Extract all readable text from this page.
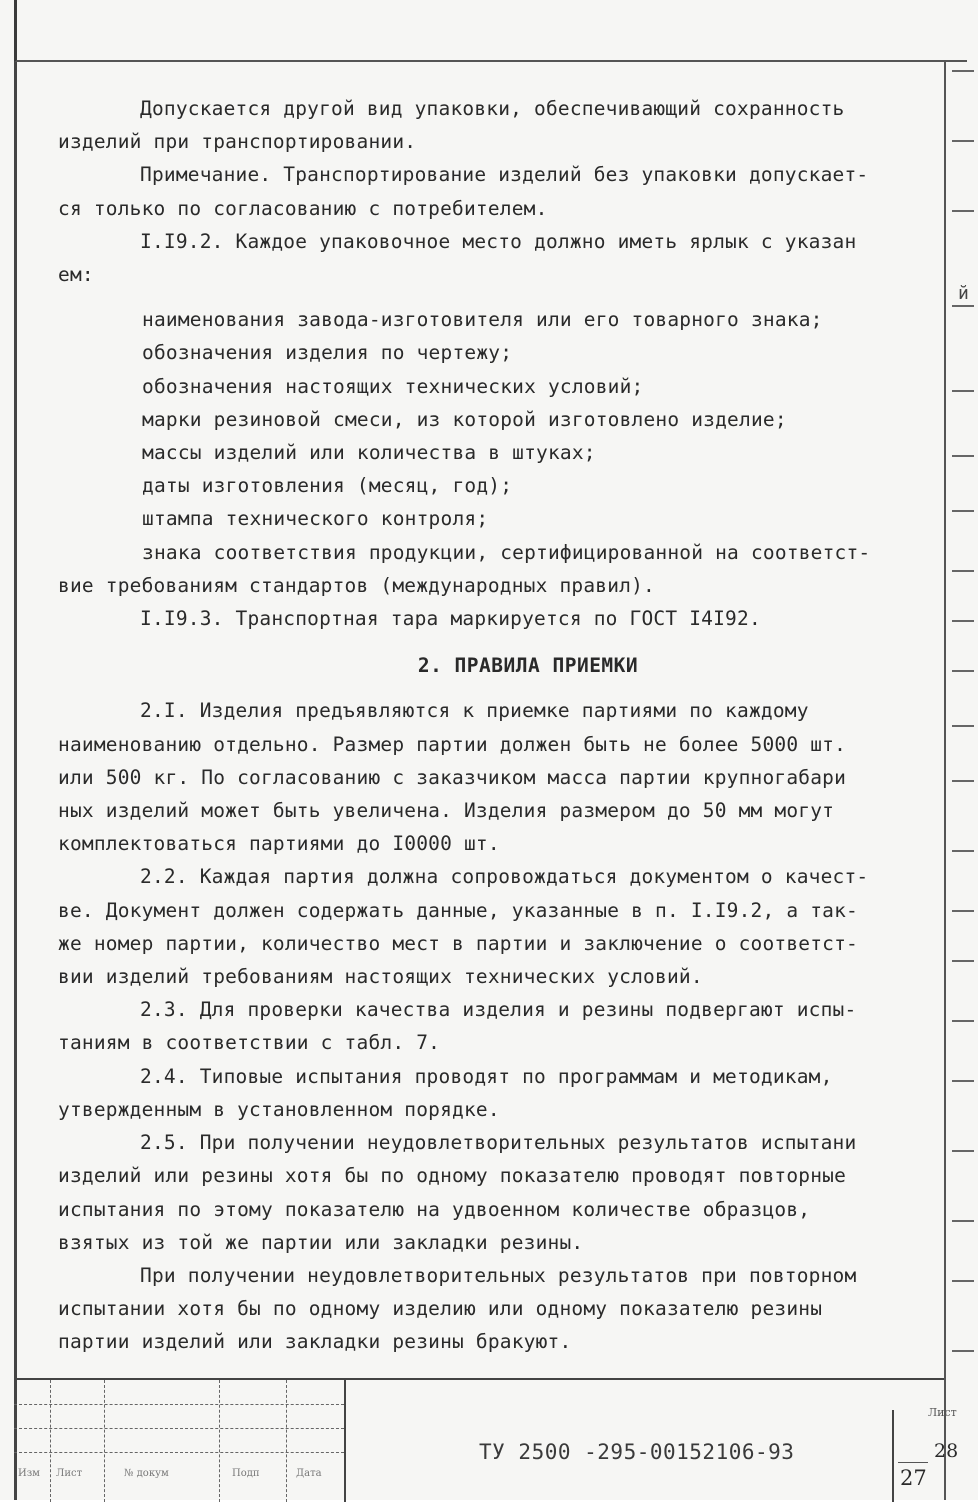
й

Допускается другой вид упаковки, обеспечивающий сохранность

изделий при транспортировании.

Примечание. Транспортирование изделий без упаковки допускает-

ся только по согласованию с потребителем.

I.I9.2. Каждое упаковочное место должно иметь ярлык с указан

ем:

наименования завода-изготовителя или его товарного знака;

обозначения изделия по чертежу;

обозначения настоящих технических условий;

марки резиновой смеси, из которой изготовлено изделие;

массы изделий или количества в штуках;

даты изготовления (месяц, год);

штампа технического контроля;

знака соответствия продукции, сертифицированной на соответст-

вие требованиям стандартов (международных правил).

I.I9.3. Транспортная тара маркируется по ГОСТ I4I92.

2. ПРАВИЛА ПРИЕМКИ

2.I. Изделия предъявляются к приемке партиями по каждому

наименованию отдельно. Размер партии должен быть не более 5000 шт.

или 500 кг. По согласованию с заказчиком масса партии крупногабари

ных изделий может быть увеличена. Изделия размером до 50 мм могут

комплектоваться партиями до I0000 шт.

2.2. Каждая партия должна сопровождаться документом о качест-

ве. Документ должен содержать данные, указанные в п. I.I9.2, а так-

же номер партии, количество мест в партии и заключение о соответст-

вии изделий требованиям настоящих технических условий.

2.3. Для проверки качества изделия и резины подвергают испы-

таниям в соответствии с табл. 7.

2.4. Типовые испытания проводят по программам и методикам,

утвержденным в установленном порядке.

2.5. При получении неудовлетворительных результатов испытани

изделий или резины хотя бы по одному показателю проводят повторные

испытания по этому показателю на удвоенном количестве образцов,

взятых из той же партии или закладки резины.

При получении неудовлетворительных результатов при повторном

испытании хотя бы по одному изделию или одному показателю резины

партии изделий или закладки резины бракуют.

Изм Лист	№ докум	Подп	Дата
ТУ 2500 -295-00152106-93
Лист
28
27
